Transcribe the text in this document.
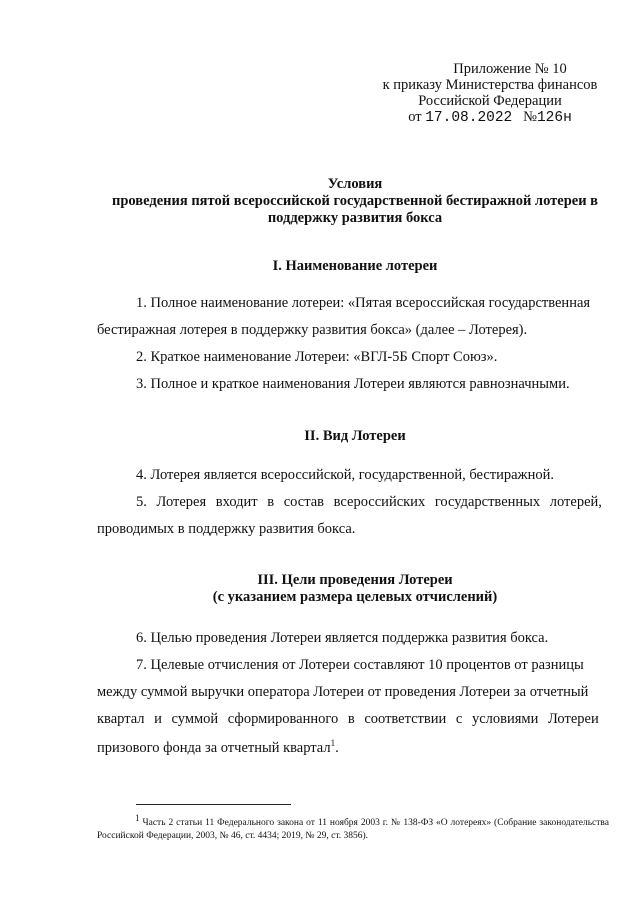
Приложение № 10
к приказу Министерства финансов
Российской Федерации
от 17.08.2022 №126н
Условия
проведения пятой всероссийской государственной бестиражной лотереи в
поддержку развития бокса
I. Наименование лотереи
1. Полное наименование лотереи: «Пятая всероссийская государственная
бестиражная лотерея в поддержку развития бокса» (далее – Лотерея).
2. Краткое наименование Лотереи: «ВГЛ-5Б Спорт Союз».
3. Полное и краткое наименования Лотереи являются равнозначными.
II. Вид Лотереи
4. Лотерея является всероссийской, государственной, бестиражной.
5. Лотерея входит в состав всероссийских государственных лотерей,
проводимых в поддержку развития бокса.
III. Цели проведения Лотереи
(с указанием размера целевых отчислений)
6. Целью проведения Лотереи является поддержка развития бокса.
7. Целевые отчисления от Лотереи составляют 10 процентов от разницы
между суммой выручки оператора Лотереи от проведения Лотереи за отчетный
квартал и суммой сформированного в соответствии с условиями Лотереи
призового фонда за отчетный квартал$^1$.
$^1$ Часть 2 статьи 11 Федерального закона от 11 ноября 2003 г. № 138-ФЗ «О лотереях» (Собрание законодательства Российской Федерации, 2003, № 46, ст. 4434; 2019, № 29, ст. 3856).
